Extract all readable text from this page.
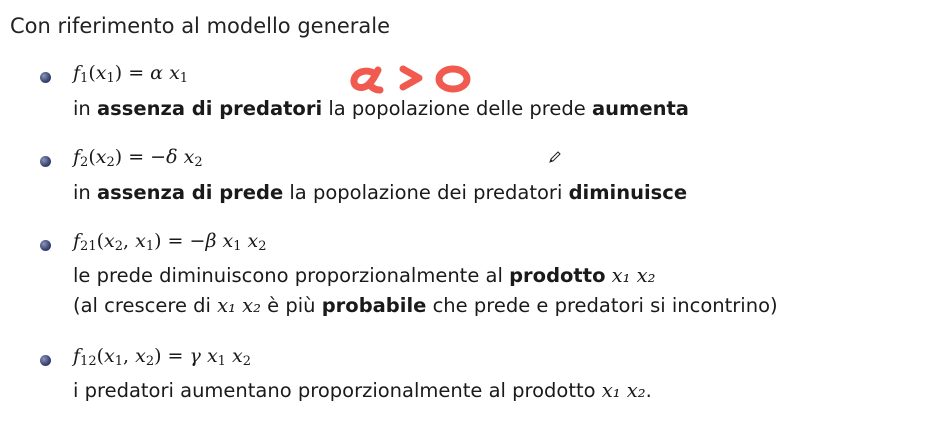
Con riferimento al modello generale
$f_1(x_1) = \alpha$ $x_1$
in assenza di predatori la popolazione delle prede aumenta
$f_2(x_2) = -\delta$ $x_2$
in assenza di prede la popolazione dei predatori diminuisce
$f_{21}(x_2$, $x_1) = -\beta$ $x_1$ $x_2$
le prede diminuiscono proporzionalmente al prodotto x₁ x₂
(al crescere di x₁ x₂ è più probabile che prede e predatori si incontrino)
$f_{12}(x_1$, $x_2) = \gamma$ $x_1$ $x_2$
i predatori aumentano proporzionalmente al prodotto x₁ x₂.
